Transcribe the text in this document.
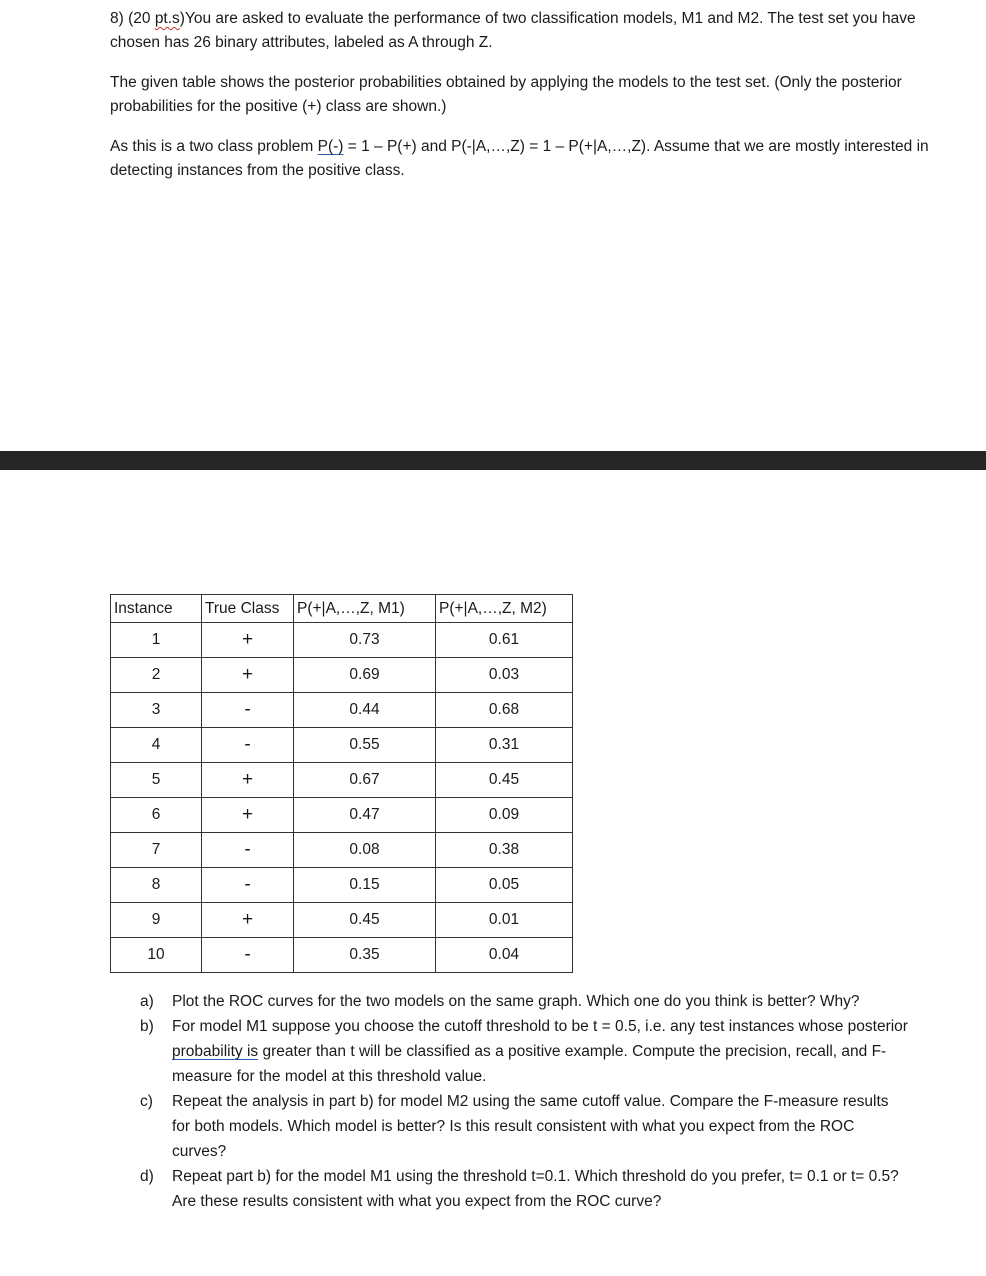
8) (20 pt.s)You are asked to evaluate the performance of two classification models, M1 and M2. The test set you have chosen has 26 binary attributes, labeled as A through Z.

The given table shows the posterior probabilities obtained by applying the models to the test set. (Only the posterior probabilities for the positive (+) class are shown.)

As this is a two class problem P(-) = 1 – P(+) and P(-|A,…,Z) = 1 – P(+|A,…,Z). Assume that we are mostly interested in detecting instances from the positive class.

Instance	True Class	P(+|A,…,Z, M1)	P(+|A,…,Z, M2)
1	+	0.73	0.61
2	+	0.69	0.03
3	-	0.44	0.68
4	-	0.55	0.31
5	+	0.67	0.45
6	+	0.47	0.09
7	-	0.08	0.38
8	-	0.15	0.05
9	+	0.45	0.01
10	-	0.35	0.04
a) Plot the ROC curves for the two models on the same graph. Which one do you think is better? Why?
b) For model M1 suppose you choose the cutoff threshold to be t = 0.5, i.e. any test instances whose posterior probability is greater than t will be classified as a positive example. Compute the precision, recall, and F-measure for the model at this threshold value.
c) Repeat the analysis in part b) for model M2 using the same cutoff value. Compare the F-measure results for both models. Which model is better? Is this result consistent with what you expect from the ROC curves?
d) Repeat part b) for the model M1 using the threshold t=0.1. Which threshold do you prefer, t= 0.1 or t= 0.5? Are these results consistent with what you expect from the ROC curve?
